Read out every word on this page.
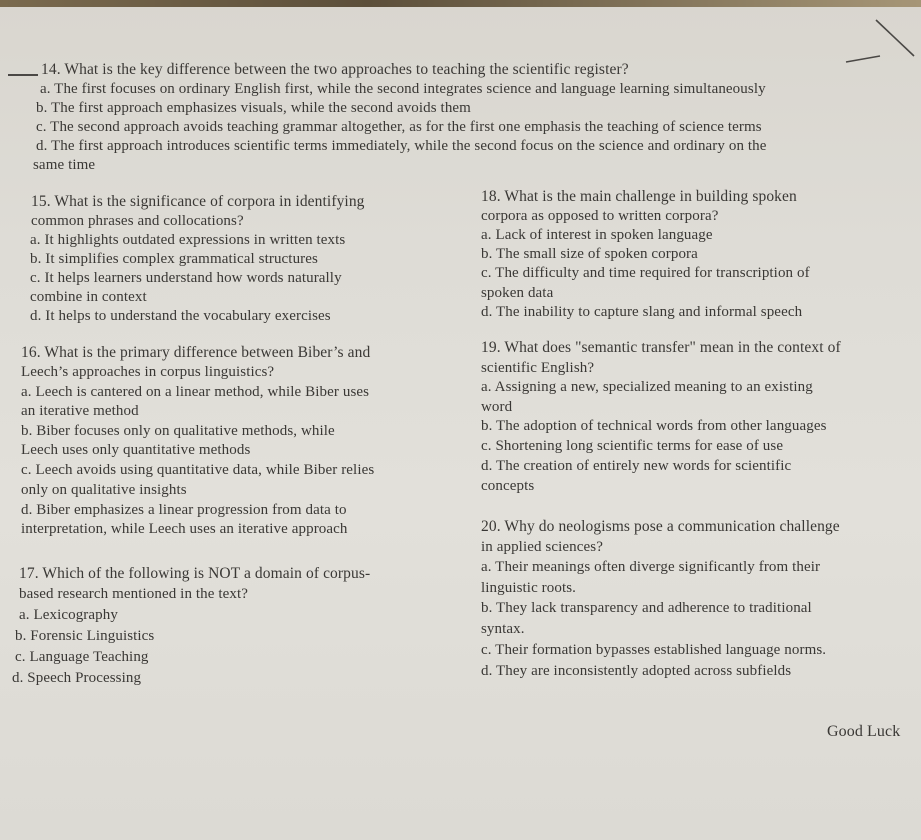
14. What is the key difference between the two approaches to teaching the scientific register?
a. The first focuses on ordinary English first, while the second integrates science and language learning simultaneously
b. The first approach emphasizes visuals, while the second avoids them
c. The second approach avoids teaching grammar altogether, as for the first one emphasis the teaching of science terms
d. The first approach introduces scientific terms immediately, while the second focus on the science and ordinary on the
same time
15. What is the significance of corpora in identifying
common phrases and collocations?
a. It highlights outdated expressions in written texts
b. It simplifies complex grammatical structures
c. It helps learners understand how words naturally
combine in context
d. It helps to understand the vocabulary exercises
16. What is the primary difference between Biber’s and
Leech’s approaches in corpus linguistics?
a. Leech is cantered on a linear method, while Biber uses
an iterative method
b. Biber focuses only on qualitative methods, while
Leech uses only quantitative methods
c. Leech avoids using quantitative data, while Biber relies
only on qualitative insights
d. Biber emphasizes a linear progression from data to
interpretation, while Leech uses an iterative approach
17. Which of the following is NOT a domain of corpus-
based research mentioned in the text?
a. Lexicography
b. Forensic Linguistics
c. Language Teaching
d. Speech Processing
18. What is the main challenge in building spoken
corpora as opposed to written corpora?
a. Lack of interest in spoken language
b. The small size of spoken corpora
c. The difficulty and time required for transcription of
spoken data
d. The inability to capture slang and informal speech
19. What does "semantic transfer" mean in the context of
scientific English?
a. Assigning a new, specialized meaning to an existing
word
b. The adoption of technical words from other languages
c. Shortening long scientific terms for ease of use
d. The creation of entirely new words for scientific
concepts
20. Why do neologisms pose a communication challenge
in applied sciences?
a. Their meanings often diverge significantly from their
linguistic roots.
b. They lack transparency and adherence to traditional
syntax.
c. Their formation bypasses established language norms.
d. They are inconsistently adopted across subfields
Good Luck
